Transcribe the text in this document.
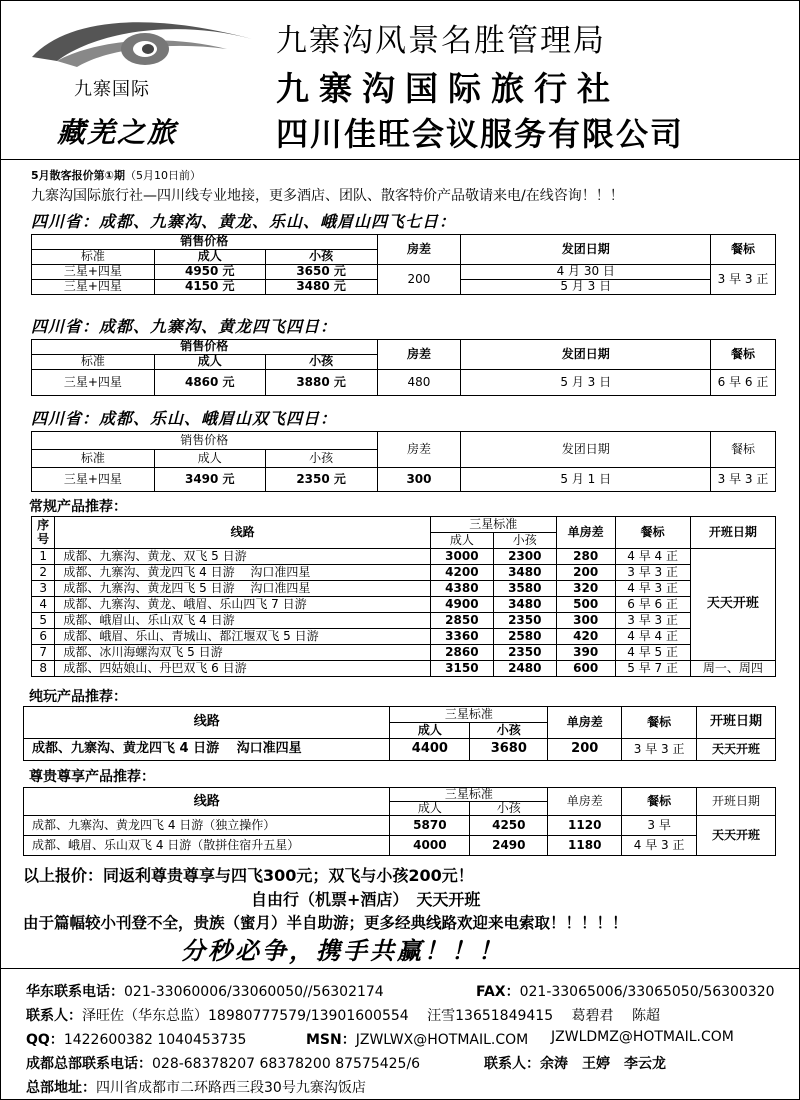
九寨国际
藏羌之旅
九寨沟风景名胜管理局
九寨沟国际旅行社
四川佳旺会议服务有限公司
5月散客报价第①期（5月10日前）
九寨沟国际旅行社—四川线专业地接，更多酒店、团队、散客特价产品敬请来电/在线咨询！！！
四川省：成都、九寨沟、黄龙、乐山、峨眉山四飞七日：
销售价格			房差	发团日期	餐标
标准	成人	小孩			
三星+四星	4950 元	3650 元	200	4 月 30 日	3 早 3 正
三星+四星	4150 元	3480 元		5 月 3 日	
四川省：成都、九寨沟、黄龙四飞四日：
销售价格			房差	发团日期	餐标
标准	成人	小孩			
三星+四星	4860 元	3880 元	480	5 月 3 日	6 早 6 正
四川省：成都、乐山、峨眉山双飞四日：
销售价格			房差	发团日期	餐标
标准	成人	小孩			
三星+四星	3490 元	2350 元	300	5 月 1 日	3 早 3 正
常规产品推荐：
序号	线路	三星标准		单房差	餐标	开班日期
		成人	小孩			
1	成都、九寨沟、黄龙、双飞 5 日游	3000	2300	280	4 早 4 正	天天开班
2	成都、九寨沟、黄龙四飞 4 日游　 沟口准四星	4200	3480	200	3 早 3 正	
3	成都、九寨沟、黄龙四飞 5 日游　 沟口准四星	4380	3580	320	4 早 3 正	
4	成都、九寨沟、黄龙、峨眉、乐山四飞 7 日游	4900	3480	500	6 早 6 正	
5	成都、峨眉山、乐山双飞 4 日游	2850	2350	300	3 早 3 正	
6	成都、峨眉、乐山、青城山、都江堰双飞 5 日游	3360	2580	420	4 早 4 正	
7	成都、冰川海螺沟双飞 5 日游	2860	2350	390	4 早 5 正	
8	成都、四姑娘山、丹巴双飞 6 日游	3150	2480	600	5 早 7 正	周一、周四
纯玩产品推荐：
线路	三星标准		单房差	餐标	开班日期
	成人	小孩			
成都、九寨沟、黄龙四飞 4 日游　 沟口准四星	4400	3680	200	3 早 3 正	天天开班
尊贵尊享产品推荐：
线路	三星标准		单房差	餐标	开班日期
	成人	小孩			
成都、九寨沟、黄龙四飞 4 日游（独立操作）	5870	4250	1120	3 早	天天开班
成都、峨眉、乐山双飞 4 日游（散拼住宿升五星）	4000	2490	1180	4 早 3 正	
以上报价：同返利尊贵尊享与四飞300元；双飞与小孩200元！
自由行（机票+酒店）　天天开班
由于篇幅较小刊登不全，贵族（蜜月）半自助游；更多经典线路欢迎来电索取！！！！！
分秒必争，携手共赢！！！
华东联系电话：021-33060006/33060050//56302174	FAX：021-33065006/33065050/56300320
联系人：泽旺佐（华东总监）18980777579/13901600554　 汪雪13651849415　 葛碧君　 陈超
QQ：1422600382 1040453735	MSN：JZWLWX@HOTMAIL.COM JZWLDMZ@HOTMAIL.COM
成都总部联系电话：028-68378207 68378200 87575425/6	联系人：余涛　王婷　李云龙
总部地址：四川省成都市二环路西三段30号九寨沟饭店
